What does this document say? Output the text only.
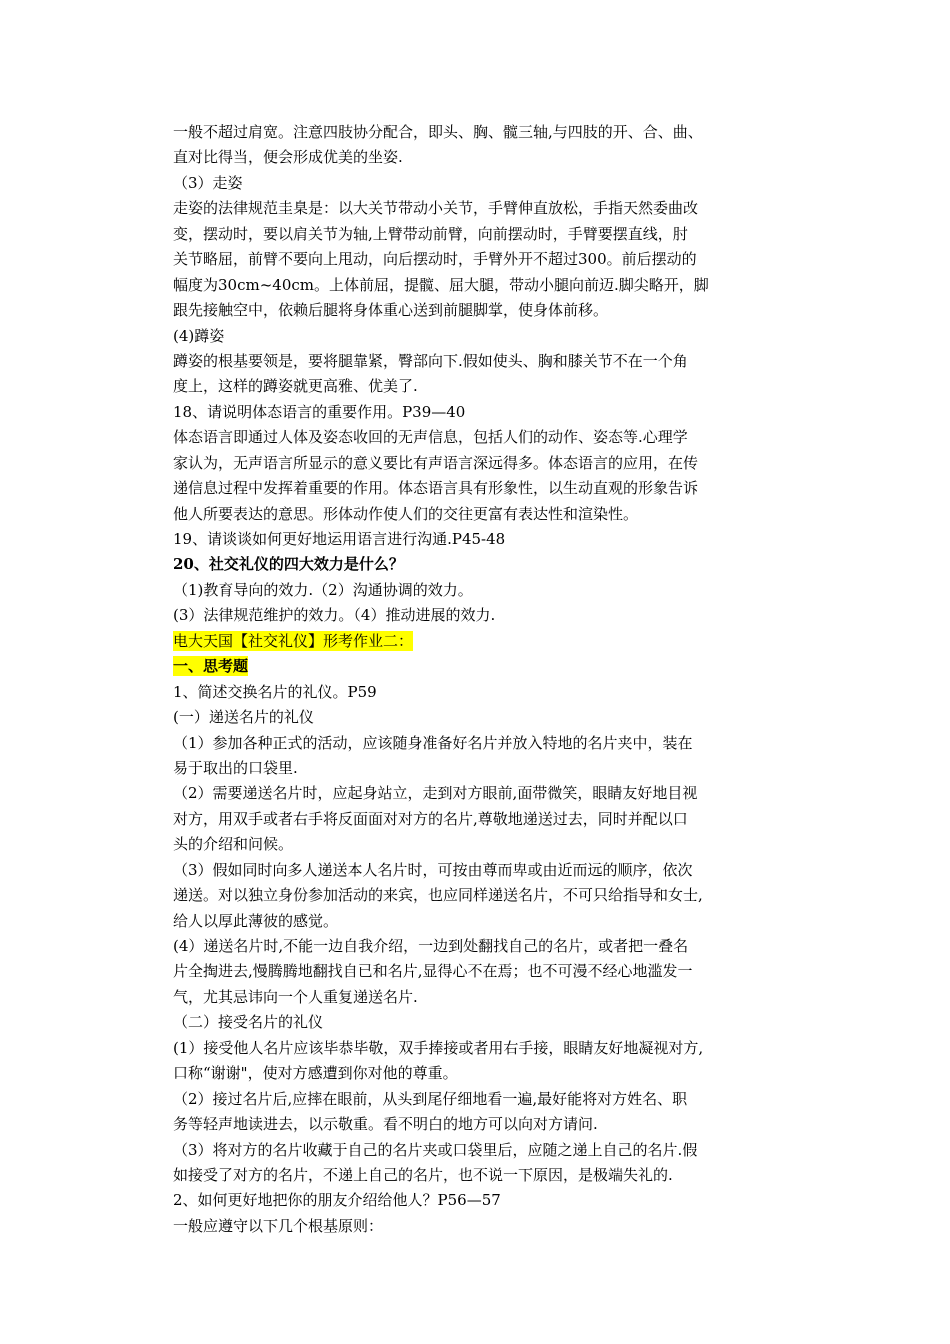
一般不超过肩宽。注意四肢协分配合，即头、胸、髋三轴,与四肢的开、合、曲、
直对比得当，便会形成优美的坐姿.
（3）走姿
走姿的法律规范圭臬是：以大关节带动小关节，手臂伸直放松，手指天然委曲改
变，摆动时，要以肩关节为轴,上臂带动前臂，向前摆动时，手臂要摆直线，肘
关节略屈，前臂不要向上甩动，向后摆动时，手臂外开不超过300。前后摆动的
幅度为30cm~40cm。上体前屈，提髋、屈大腿，带动小腿向前迈.脚尖略开，脚
跟先接触空中，依赖后腿将身体重心送到前腿脚掌，使身体前移。
(4)蹲姿
蹲姿的根基要领是，要将腿靠紧，臀部向下.假如使头、胸和膝关节不在一个角
度上，这样的蹲姿就更高雅、优美了.
18、请说明体态语言的重要作用。P39—40
体态语言即通过人体及姿态收回的无声信息，包括人们的动作、姿态等.心理学
家认为，无声语言所显示的意义要比有声语言深远得多。体态语言的应用，在传
递信息过程中发挥着重要的作用。体态语言具有形象性，以生动直观的形象告诉
他人所要表达的意思。形体动作使人们的交往更富有表达性和渲染性。
19、请谈谈如何更好地运用语言进行沟通.P45-48
20、社交礼仪的四大效力是什么？
（1)教育导向的效力.（2）沟通协调的效力。
(3）法律规范维护的效力。（4）推动进展的效力.
电大天国【社交礼仪】形考作业二：
一、思考题
1、简述交换名片的礼仪。P59
(一）递送名片的礼仪
（1）参加各种正式的活动，应该随身准备好名片并放入特地的名片夹中，装在
易于取出的口袋里.
（2）需要递送名片时，应起身站立，走到对方眼前,面带微笑，眼睛友好地目视
对方，用双手或者右手将反面面对对方的名片,尊敬地递送过去，同时并配以口
头的介绍和问候。
（3）假如同时向多人递送本人名片时，可按由尊而卑或由近而远的顺序，依次
递送。对以独立身份参加活动的来宾，也应同样递送名片，不可只给指导和女士,
给人以厚此薄彼的感觉。
(4）递送名片时,不能一边自我介绍，一边到处翻找自己的名片，或者把一叠名
片全掏进去,慢腾腾地翻找自已和名片,显得心不在焉；也不可漫不经心地滥发一
气，尤其忌讳向一个人重复递送名片.
（二）接受名片的礼仪
(1）接受他人名片应该毕恭毕敬，双手捧接或者用右手接，眼睛友好地凝视对方,
口称“谢谢"，使对方感遭到你对他的尊重。
（2）接过名片后,应摔在眼前，从头到尾仔细地看一遍,最好能将对方姓名、职
务等轻声地读进去，以示敬重。看不明白的地方可以向对方请问.
（3）将对方的名片收藏于自己的名片夹或口袋里后，应随之递上自己的名片.假
如接受了对方的名片，不递上自己的名片，也不说一下原因，是极端失礼的.
2、如何更好地把你的朋友介绍给他人？P56—57
一般应遵守以下几个根基原则：
